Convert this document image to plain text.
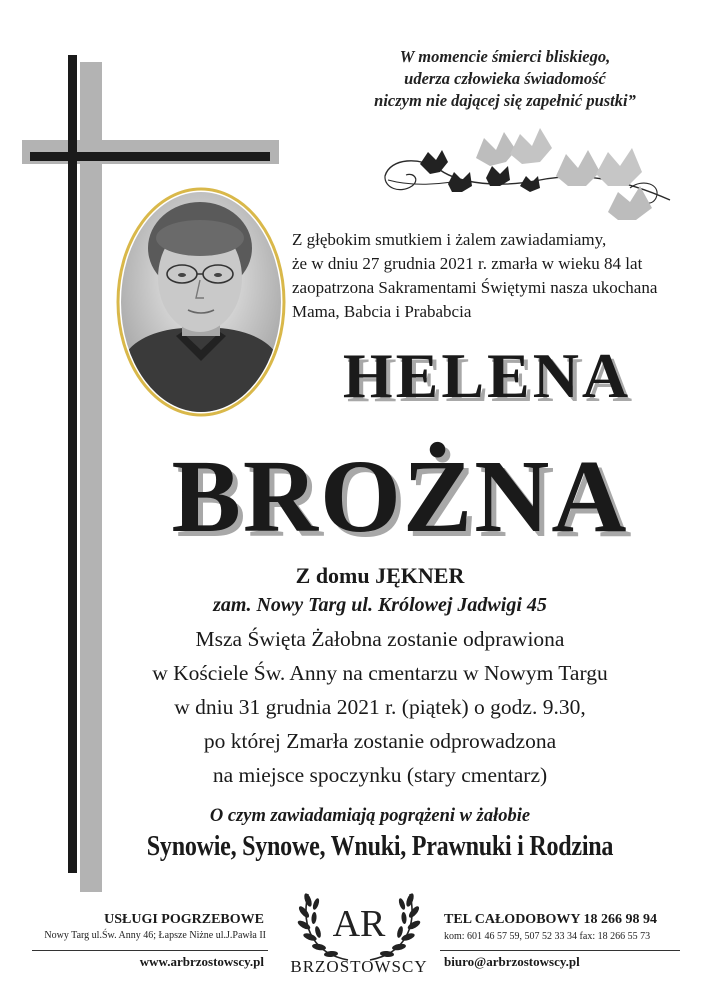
W momencie śmierci bliskiego,
uderza człowieka świadomość
niczym nie dającej się zapełnić pustki”
Z głębokim smutkiem i żalem zawiadamiamy,
że w dniu 27 grudnia 2021 r. zmarła w wieku 84 lat
zaopatrzona Sakramentami Świętymi nasza ukochana
Mama, Babcia i Prababcia
HELENA
BROŻNA
Z domu JĘKNER
zam. Nowy Targ ul. Królowej Jadwigi 45
Msza Święta Żałobna zostanie odprawiona
w Kościele Św. Anny na cmentarzu w Nowym Targu
w dniu 31 grudnia 2021 r. (piątek) o godz. 9.30,
po której Zmarła zostanie odprowadzona
na miejsce spoczynku (stary cmentarz)
O czym zawiadamiają pogrążeni w żałobie
Synowie, Synowe, Wnuki, Prawnuki i Rodzina
USŁUGI POGRZEBOWE
Nowy Targ ul.Św. Anny 46; Łapsze Niżne ul.J.Pawła II
www.arbrzostowscy.pl
AR
BRZOSTOWSCY
TEL CAŁODOBOWY 18 266 98 94
kom: 601 46 57 59, 507 52 33 34 fax: 18 266 55 73
biuro@arbrzostowscy.pl
